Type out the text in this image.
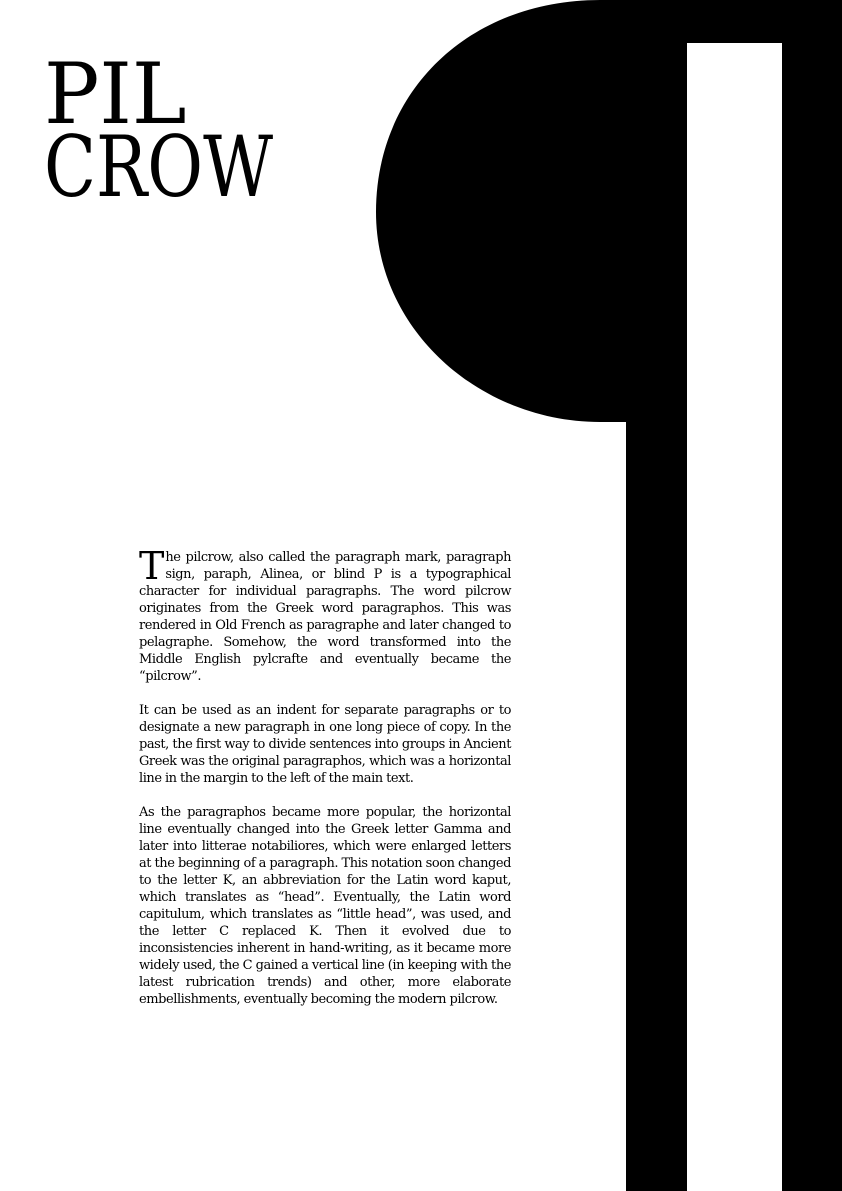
PIL
CROW

The pilcrow, also called the paragraph mark, paragraph sign, paraph, Alinea, or blind P is a typographical character for individual paragraphs. The word pilcrow originates from the Greek word paragraphos. This was rendered in Old French as paragraphe and later changed to pelagraphe. Somehow, the word transformed into the Middle English pylcrafte and eventually became the “pilcrow”.

It can be used as an indent for separate paragraphs or to designate a new paragraph in one long piece of copy. In the past, the first way to divide sentences into groups in Ancient Greek was the original paragraphos, which was a horizontal line in the margin to the left of the main text.

As the paragraphos became more popular, the horizontal line eventually changed into the Greek letter Gamma and later into litterae notabiliores, which were enlarged letters at the beginning of a paragraph. This notation soon changed to the letter K, an abbreviation for the Latin word kaput, which translates as “head”. Eventually, the Latin word capitulum, which translates as “little head”, was used, and the letter C replaced K. Then it evolved due to inconsistencies inherent in hand-writing, as it became more widely used, the C gained a vertical line (in keeping with the latest rubrication trends) and other, more elaborate embellishments, eventually becoming the modern pilcrow.
